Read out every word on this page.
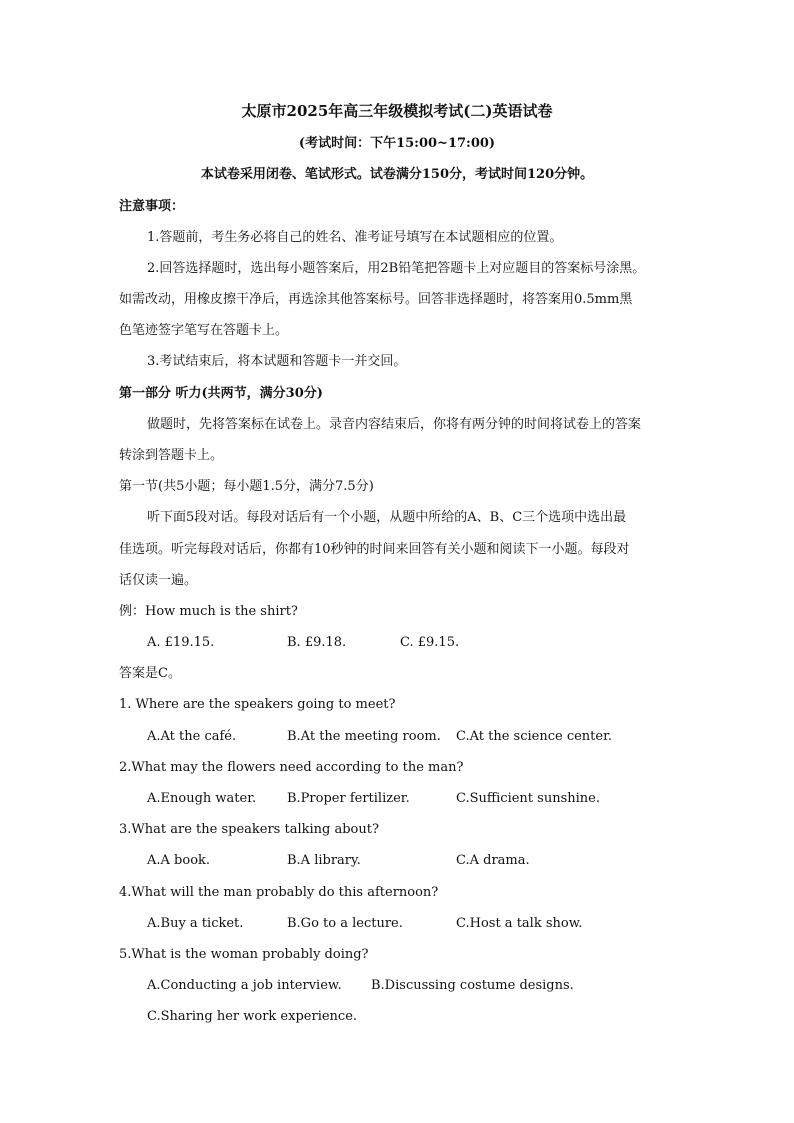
太原市2025年高三年级模拟考试(二)英语试卷
(考试时间：下午15:00~17:00)
本试卷采用闭卷、笔试形式。试卷满分150分，考试时间120分钟。
注意事项：
1.答题前，考生务必将自己的姓名、准考证号填写在本试题相应的位置。
2.回答选择题时，选出每小题答案后，用2B铅笔把答题卡上对应题目的答案标号涂黑。
如需改动，用橡皮擦干净后，再选涂其他答案标号。回答非选择题时，将答案用0.5mm黑
色笔迹签字笔写在答题卡上。
3.考试结束后，将本试题和答题卡一并交回。
第一部分 听力(共两节，满分30分)
做题时，先将答案标在试卷上。录音内容结束后，你将有两分钟的时间将试卷上的答案
转涂到答题卡上。
第一节(共5小题；每小题1.5分，满分7.5分)
听下面5段对话。每段对话后有一个小题，从题中所给的A、B、C三个选项中选出最
佳选项。听完每段对话后，你都有10秒钟的时间来回答有关小题和阅读下一小题。每段对
话仅读一遍。
例：How much is the shirt?
A. £19.15.	B. £9.18.	C. £9.15.
答案是C。
1. Where are the speakers going to meet?
A.At the café.	B.At the meeting room. C.At the science center.
2.What may the flowers need according to the man?
A.Enough water. B.Proper fertilizer.	C.Sufficient sunshine.
3.What are the speakers talking about?
A.A book.	B.A library.	C.A drama.
4.What will the man probably do this afternoon?
A.Buy a ticket.	B.Go to a lecture.	C.Host a talk show.
5.What is the woman probably doing?
A.Conducting a job interview. B.Discussing costume designs.
C.Sharing her work experience.
